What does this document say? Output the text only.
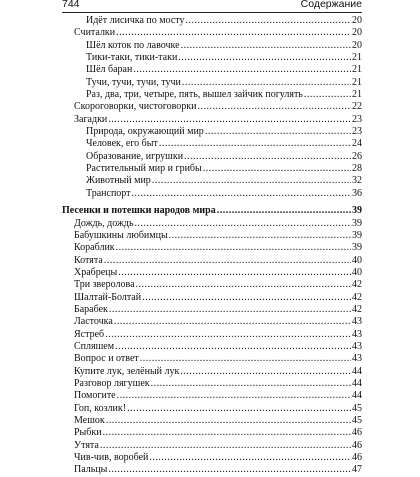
744	Содержание
Идёт лисичка по мосту .....	20
Считалки .....	20
Шёл коток по лавочке .....	20
Тики-таки, тики-таки .....	21
Шёл баран .....	21
Тучи, тучи, тучи, тучи .....	21
Раз, два, три, четыре, пять, вышел зайчик погулять .....	21
Скороговорки, чистоговорки .....	22
Загадки .....	23
Природа, окружающий мир .....	23
Человек, его быт .....	24
Образование, игрушки .....	26
Растительный мир и грибы .....	28
Животный мир .....	32
Транспорт .....	36
Песенки и потешки народов мира .....	39
Дождь, дождь .....	39
Бабушкины любимцы .....	39
Кораблик .....	39
Котята .....	40
Храбрецы .....	40
Три зверолова .....	42
Шалтай-Болтай .....	42
Барабек .....	42
Ласточка .....	43
Ястреб .....	43
Спляшем .....	43
Вопрос и ответ .....	43
Купите лук, зелёный лук .....	44
Разговор лягушек .....	44
Помогите .....	44
Гоп, козлик! .....	45
Мешок .....	45
Рыбки .....	46
Утята .....	46
Чив-чив, воробей .....	46
Пальцы .....	47
